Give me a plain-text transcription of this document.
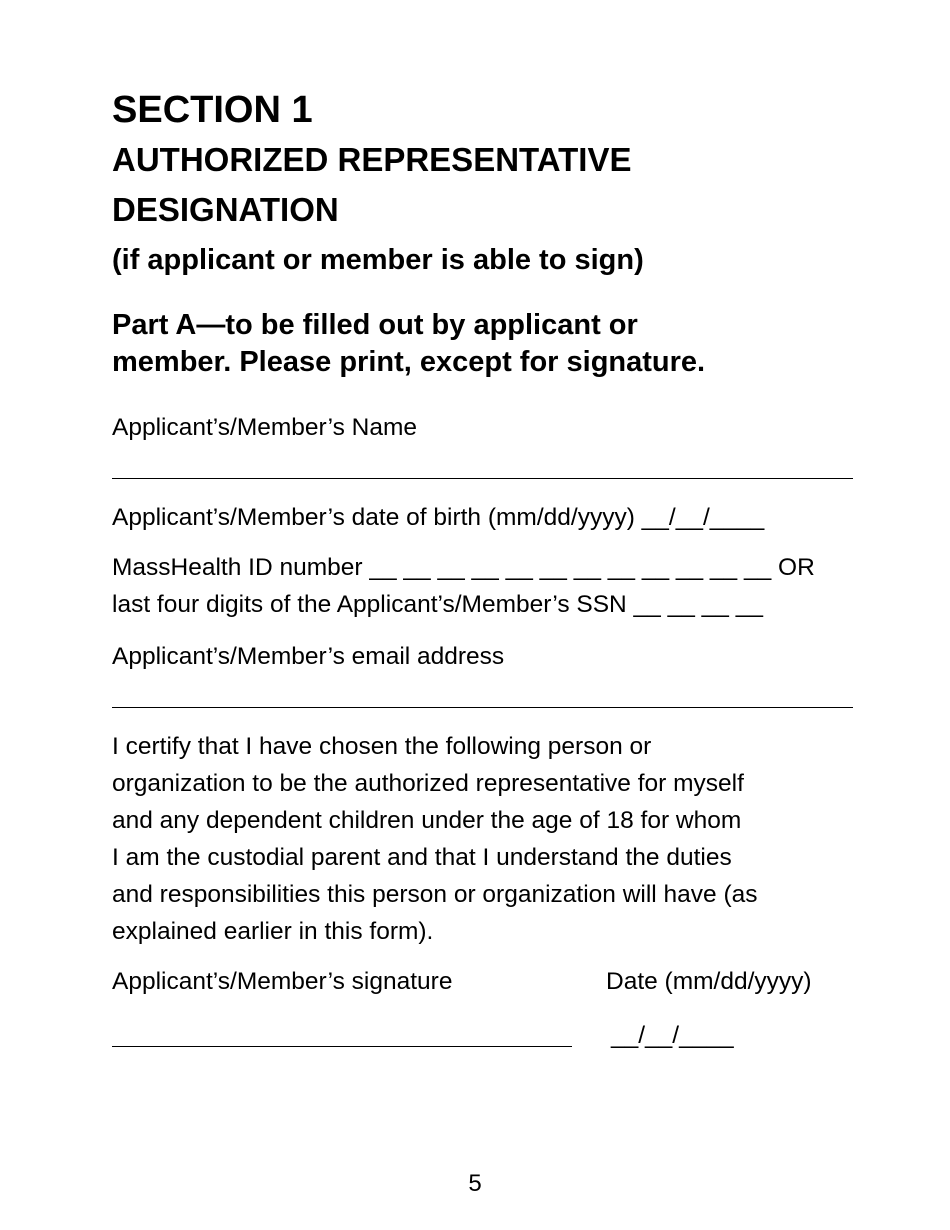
SECTION 1
AUTHORIZED REPRESENTATIVE
DESIGNATION
(if applicant or member is able to sign)
Part A—to be filled out by applicant or
member. Please print, except for signature.
Applicant’s/Member’s Name
Applicant’s/Member’s date of birth (mm/dd/yyyy) __/__/____
MassHealth ID number __ __ __ __ __ __ __ __ __ __ __ __ OR
last four digits of the Applicant’s/Member’s SSN __ __ __ __
Applicant’s/Member’s email address
I certify that I have chosen the following person or
organization to be the authorized representative for myself
and any dependent children under the age of 18 for whom
I am the custodial parent and that I understand the duties
and responsibilities this person or organization will have (as
explained earlier in this form).
Applicant’s/Member’s signature	Date (mm/dd/yyyy)
__/__/____
5
